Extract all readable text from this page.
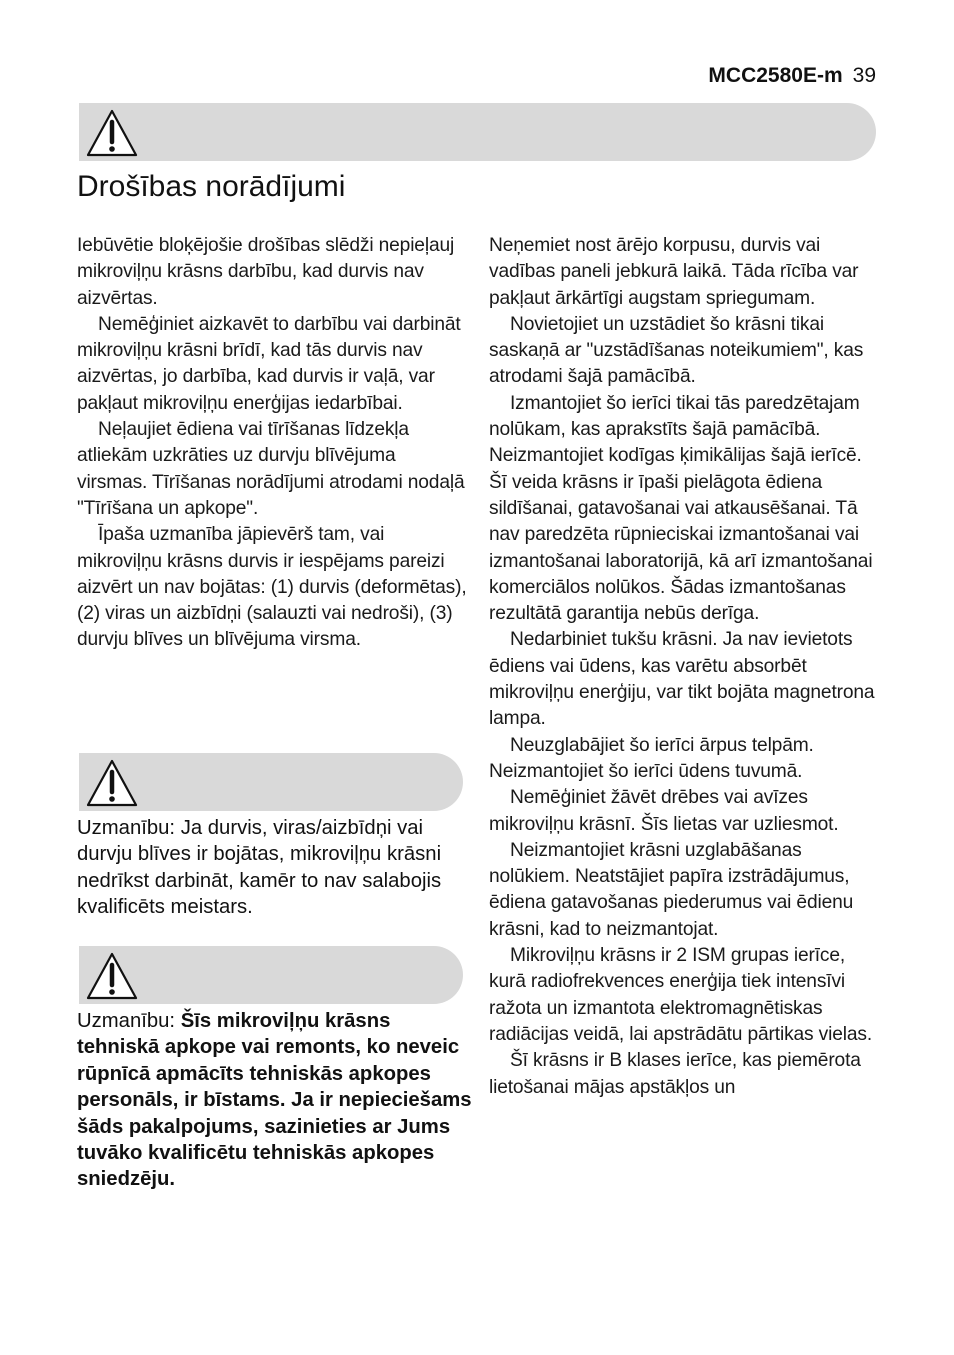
MCC2580E-m 39
Drošības norādījumi

Iebūvētie bloķējošie drošības slēdži nepieļauj mikroviļņu krāsns darbību, kad durvis nav aizvērtas.

Nemēģiniet aizkavēt to darbību vai darbināt mikroviļņu krāsni brīdī, kad tās durvis nav aizvērtas, jo darbība, kad durvis ir vaļā, var pakļaut mikroviļņu enerģijas iedarbībai.

Neļaujiet ēdiena vai tīrīšanas līdzekļa atliekām uzkrāties uz durvju blīvējuma virsmas. Tīrīšanas norādījumi atrodami nodaļā "Tīrīšana un apkope".

Īpaša uzmanība jāpievērš tam, vai mikroviļņu krāsns durvis ir iespējams pareizi aizvērt un nav bojātas: (1) durvis (deformētas), (2) viras un aizbīdņi (salauzti vai nedroši), (3) durvju blīves un blīvējuma virsma.

Uzmanību: Ja durvis, viras/aizbīdņi vai durvju blīves ir bojātas, mikroviļņu krāsni nedrīkst darbināt, kamēr to nav salabojis kvalificēts meistars.

Uzmanību: Šīs mikroviļņu krāsns tehniskā apkope vai remonts, ko neveic rūpnīcā apmācīts tehniskās apkopes personāls, ir bīstams. Ja ir nepieciešams šāds pakalpojums, sazinieties ar Jums tuvāko kvalificētu tehniskās apkopes sniedzēju.

Neņemiet nost ārējo korpusu, durvis vai vadības paneli jebkurā laikā. Tāda rīcība var pakļaut ārkārtīgi augstam spriegumam.

Novietojiet un uzstādiet šo krāsni tikai saskaņā ar "uzstādīšanas noteikumiem", kas atrodami šajā pamācībā.

Izmantojiet šo ierīci tikai tās paredzētajam nolūkam, kas aprakstīts šajā pamācībā. Neizmantojiet kodīgas ķimikālijas šajā ierīcē. Šī veida krāsns ir īpaši pielāgota ēdiena sildīšanai, gatavošanai vai atkausēšanai. Tā nav paredzēta rūpnieciskai izmantošanai vai izmantošanai laboratorijā, kā arī izmantošanai komerciālos nolūkos. Šādas izmantošanas rezultātā garantija nebūs derīga.

Nedarbiniet tukšu krāsni. Ja nav ievietots ēdiens vai ūdens, kas varētu absorbēt mikroviļņu enerģiju, var tikt bojāta magnetrona lampa.

Neuzglabājiet šo ierīci ārpus telpām. Neizmantojiet šo ierīci ūdens tuvumā.

Nemēģiniet žāvēt drēbes vai avīzes mikroviļņu krāsnī. Šīs lietas var uzliesmot.

Neizmantojiet krāsni uzglabāšanas nolūkiem. Neatstājiet papīra izstrādājumus, ēdiena gatavošanas piederumus vai ēdienu krāsni, kad to neizmantojat.

Mikroviļņu krāsns ir 2 ISM grupas ierīce, kurā radiofrekvences enerģija tiek intensīvi ražota un izmantota elektromagnētiskas radiācijas veidā, lai apstrādātu pārtikas vielas.

Šī krāsns ir B klases ierīce, kas piemērota lietošanai mājas apstākļos un
